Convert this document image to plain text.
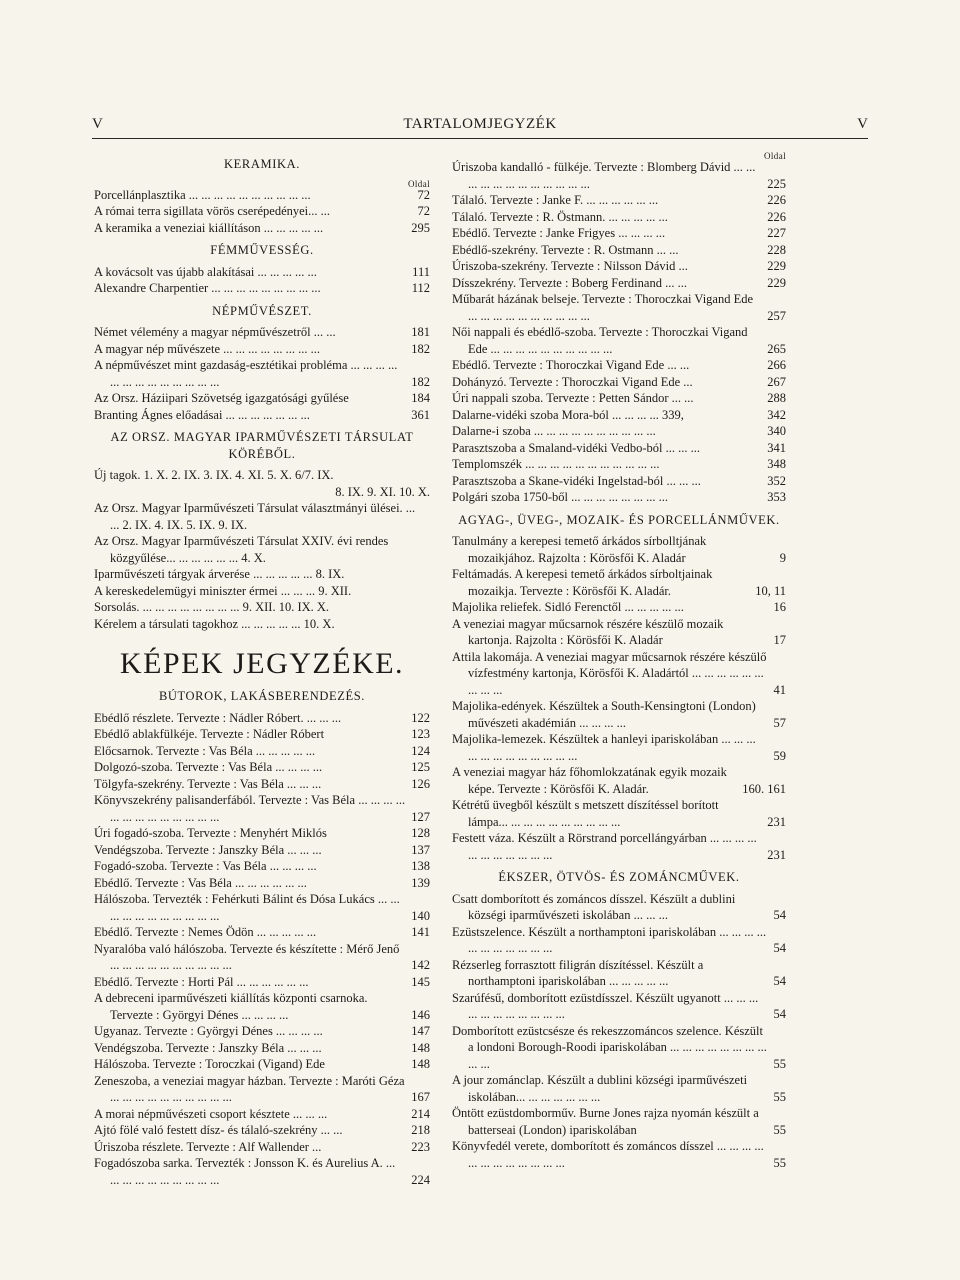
V	TARTALOMJEGYZÉK	V
KERAMIKA.
Oldal
Porcellánplasztika ... ... ... ... ... ... ... ... ... ...	72
A római terra sigillata vörös cserépedényei... ...	72
A keramika a veneziai kiállításon ... ... ... ... ...	295
FÉMMŰVESSÉG.
A kovácsolt vas újabb alakításai ... ... ... ... ...	111
Alexandre Charpentier ... ... ... ... ... ... ... ... ...	112
NÉPMŰVÉSZET.
Német vélemény a magyar népművészetről ... ...	181
A magyar nép művészete ... ... ... ... ... ... ... ...	182
A népművészet mint gazdaság-esztétikai probléma ... ... ... ... ... ... ... ... ... ... ... ... ...	182
Az Orsz. Háziipari Szövetség igazgatósági gyűlése	184
Branting Ágnes előadásai ... ... ... ... ... ... ...	361
AZ ORSZ. MAGYAR IPARMŰVÉSZETI TÁRSULAT KÖRÉBŐL.
Új tagok. 1. X. 2. IX. 3. IX. 4. XI. 5. X. 6/7. IX.
8. IX. 9. XI. 10. X.
Az Orsz. Magyar Iparművészeti Társulat választmányi ülései. ... ... 2. IX. 4. IX. 5. IX. 9. IX.
Az Orsz. Magyar Iparművészeti Társulat XXIV. évi rendes közgyűlése... ... ... ... ... ... 4. X.
Iparművészeti tárgyak árverése ... ... ... ... ... 8. IX.
A kereskedelemügyi miniszter érmei ... ... ... 9. XII.
Sorsolás. ... ... ... ... ... ... ... ... 9. XII. 10. IX. X.
Kérelem a társulati tagokhoz ... ... ... ... ... 10. X.
KÉPEK JEGYZÉKE.
BÚTOROK, LAKÁSBERENDEZÉS.
Ebédlő részlete. Tervezte : Nádler Róbert. ... ... ...	122
Ebédlő ablakfülkéje. Tervezte : Nádler Róbert	123
Előcsarnok. Tervezte : Vas Béla ... ... ... ... ...	124
Dolgozó-szoba. Tervezte : Vas Béla ... ... ... ...	125
Tölgyfa-szekrény. Tervezte : Vas Béla ... ... ...	126
Könyvszekrény palisanderfából. Tervezte : Vas Béla ... ... ... ... ... ... ... ... ... ... ... ... ...	127
Úri fogadó-szoba. Tervezte : Menyhért Miklós	128
Vendégszoba. Tervezte : Janszky Béla ... ... ...	137
Fogadó-szoba. Tervezte : Vas Béla ... ... ... ...	138
Ebédlő. Tervezte : Vas Béla ... ... ... ... ... ...	139
Hálószoba. Tervezték : Fehérkuti Bálint és Dósa Lukács ... ... ... ... ... ... ... ... ... ... ...	140
Ebédlő. Tervezte : Nemes Ödön ... ... ... ... ...	141
Nyaralóba való hálószoba. Tervezte és készítette : Mérő Jenő ... ... ... ... ... ... ... ... ... ...	142
Ebédlő. Tervezte : Horti Pál ... ... ... ... ... ...	145
A debreceni iparművészeti kiállítás központi csarnoka. Tervezte : Györgyi Dénes ... ... ... ...	146
Ugyanaz. Tervezte : Györgyi Dénes ... ... ... ...	147
Vendégszoba. Tervezte : Janszky Béla ... ... ...	148
Hálószoba. Tervezte : Toroczkai (Vigand) Ede	148
Zeneszoba, a veneziai magyar házban. Tervezte : Maróti Géza ... ... ... ... ... ... ... ... ... ...	167
A morai népművészeti csoport késztete ... ... ...	214
Ajtó fölé való festett dísz- és tálaló-szekrény ... ...	218
Úriszoba részlete. Tervezte : Alf Wallender ...	223
Fogadószoba sarka. Tervezték : Jonsson K. és Aurelius A. ... ... ... ... ... ... ... ... ... ...	224
Oldal
Úriszoba kandalló - fülkéje. Tervezte : Blomberg Dávid ... ... ... ... ... ... ... ... ... ... ... ...	225
Tálaló. Tervezte : Janke F. ... ... ... ... ... ...	226
Tálaló. Tervezte : R. Östmann. ... ... ... ... ...	226
Ebédlő. Tervezte : Janke Frigyes ... ... ... ...	227
Ebédlő-szekrény. Tervezte : R. Ostmann ... ...	228
Úriszoba-szekrény. Tervezte : Nilsson Dávid ...	229
Dísszekrény. Tervezte : Boberg Ferdinand ... ...	229
Műbarát házának belseje. Tervezte : Thoroczkai Vigand Ede ... ... ... ... ... ... ... ... ... ...	257
Női nappali és ebédlő-szoba. Tervezte : Thoroczkai Vigand Ede ... ... ... ... ... ... ... ... ... ...	265
Ebédlő. Tervezte : Thoroczkai Vigand Ede ... ...	266
Dohányzó. Tervezte : Thoroczkai Vigand Ede ...	267
Úri nappali szoba. Tervezte : Petten Sándor ... ...	288
Dalarne-vidéki szoba Mora-ból ... ... ... ... 339,	342
Dalarne-i szoba ... ... ... ... ... ... ... ... ... ...	340
Parasztszoba a Smaland-vidéki Vedbo-ból ... ... ...	341
Templomszék ... ... ... ... ... ... ... ... ... ... ...	348
Parasztszoba a Skane-vidéki Ingelstad-ból ... ... ...	352
Polgári szoba 1750-ből ... ... ... ... ... ... ... ...	353
AGYAG-, ÜVEG-, MOZAIK- ÉS PORCELLÁNMŰVEK.
Tanulmány a kerepesi temető árkádos sírbolltjának mozaikjához. Rajzolta : Körösfői K. Aladár	9
Feltámadás. A kerepesi temető árkádos sírboltjainak mozaikja. Tervezte : Körösfői K. Aladár.	10, 11
Majolika reliefek. Sidló Ferenctől ... ... ... ... ...	16
A veneziai magyar műcsarnok részére készülő mozaik kartonja. Rajzolta : Körösfői K. Aladár	17
Attila lakomája. A veneziai magyar műcsarnok részére készülő vízfestmény kartonja, Körösfői K. Aladártól ... ... ... ... ... ... ... ... ...	41
Majolika-edények. Készültek a South-Kensingtoni (London) művészeti akadémián ... ... ... ...	57
Majolika-lemezek. Készültek a hanleyi ipariskolában ... ... ... ... ... ... ... ... ... ... ... ...	59
A veneziai magyar ház főhomlokzatának egyik mozaik képe. Tervezte : Körösfői K. Aladár.	160. 161
Kétrétű üvegből készült s metszett díszítéssel borított lámpa... ... ... ... ... ... ... ... ... ...	231
Festett váza. Készült a Rörstrand porcellángyárban ... ... ... ... ... ... ... ... ... ... ...	231
ÉKSZER, ÖTVÖS- ÉS ZOMÁNCMŰVEK.
Csatt domborított és zománcos dísszel. Készült a dublini községi iparművészeti iskolában ... ... ...	54
Ezüstszelence. Készült a northamptoni ipariskolában ... ... ... ... ... ... ... ... ... ... ...	54
Rézserleg forrasztott filigrán díszítéssel. Készült a northamptoni ipariskolában ... ... ... ... ...	54
Szarúfésű, domborított ezüstdísszel. Készült ugyanott ... ... ... ... ... ... ... ... ... ... ...	54
Domborított ezüstcsésze és rekeszzománcos szelence. Készült a londoni Borough-Roodi ipariskolában ... ... ... ... ... ... ... ... ... ...	55
A jour zománclap. Készült a dublini községi iparművészeti iskolában... ... ... ... ... ... ...	55
Öntött ezüstdomborműv. Burne Jones rajza nyomán készült a batterseai (London) ipariskolában	55
Könyvfedél verete, domborított és zománcos dísszel ... ... ... ... ... ... ... ... ... ... ... ...	55
